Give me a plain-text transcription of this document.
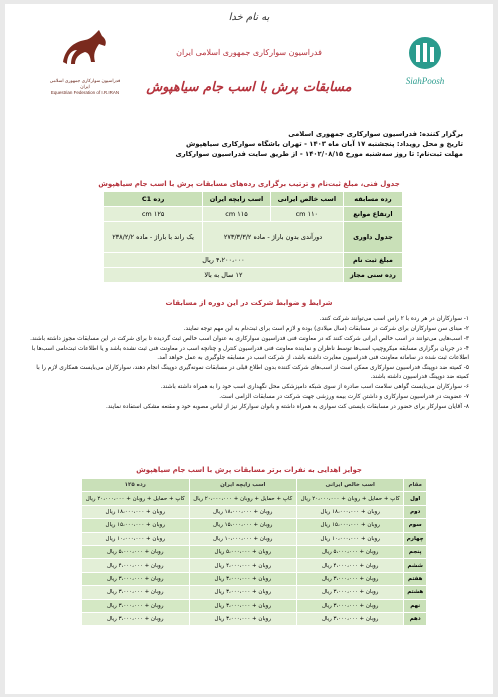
به نام خدا
فدراسیون سوارکاری جمهوری اسلامی ایران
Equestrian Federation of I.R.IRAN
SiahPoosh
فدراسیون سوارکاری جمهوری اسلامی ایران
مسابقات پرش با اسب جام سیاهپوش
برگزار کننده: فدراسیون سوارکاری جمهوری اسلامی
تاریخ و محل رویداد: پنجشنبه ۱۷ آبان ماه ۱۴۰۳ - تهران باشگاه سوارکاری سیاهپوش
مهلت ثبت‌نام: تا روز سه‌شنبه مورخ ۱۴۰۲/۰۸/۱۵ - از طریق سایت فدراسیون سوارکاری
جدول فنی، مبلغ ثبت‌نام و ترتیب برگزاری رده‌های مسابقات پرش با اسب جام سیاهپوش
رده مسابقه	اسب خالص ایرانی	اسب زایچه ایران	رده C1
ارتفاع موانع	۱۱۰ cm	۱۱۵ cm	۱۲۵ cm
جدول داوری	دورآندی بدون باراژ - ماده ۲۷۳/۳/۳/۲		یک راند با باراژ - ماده ۲۳۸/۲/۲
مبلغ ثبت نام	۴،۲۰۰،۰۰۰ ریال		
رده سنی مجاز	۱۲ سال به بالا		
شرایط و ضوابط شرکت در این دوره از مسابقات

۱- سوارکاران در هر رده با ۲ راس اسب می‌توانند شرکت کنند.

۲- مبنای سن سوارکاران برای شرکت در مسابقات (سال میلادی) بوده و لازم است برای ثبت‌نام به این مهم توجه نمایند.

۳- اسب‌هایی می‌توانند در اسب خالص ایرانی شرکت کنند که در معاونت فنی فدراسیون سوارکاری به عنوان اسب خالص ثبت گردیده تا برای شرکت در این مسابقات مجوز داشته باشند.

۴- در جریان برگزاری مسابقه میکروچیپ اسب‌ها توسط ناظران و نماینده معاونت فنی فدراسیون کنترل و چنانچه اسب در معاونت فنی ثبت نشده باشد و یا اطلاعات ثبت‌نامی اسب‌ها با اطلاعات ثبت شده در سامانه معاونت فنی فدراسیون مغایرت داشته باشد، از شرکت اسب در مسابقه جلوگیری به عمل خواهد آمد.

۵- کمیته ضد دوپینگ فدراسیون سوارکاری ممکن است از اسب‌های شرکت کننده بدون اطلاع قبلی در مسابقات نمونه‌گیری دوپینگ انجام دهند، سوارکاران می‌بایست همکاری لازم را با کمیته ضد دوپینگ فدراسیون داشته باشند.

۶- سوارکاران می‌بایست گواهی سلامت اسب صادره از سوی شبکه دامپزشکی محل نگهداری اسب خود را به همراه داشته باشند.

۷- عضویت در فدراسیون سوارکاری و داشتن کارت بیمه ورزشی جهت شرکت در مسابقات الزامی است.

۸- آقایان سوارکار برای حضور در مسابقات بایستی کت سواری به همراه داشته و بانوان سوارکار نیز از لباس مصوبه خود و مقنعه مشکی استفاده نمایند.

جوایز اهدایی به نفرات برتر مسابقات پرش با اسب جام سیاهپوش
مقام	اسب خالص ایرانی	اسب زایچه ایران	رده ۱۲۵
اول	کاپ + حمایل + روبان + ۲۰،۰۰۰،۰۰۰ ریال	کاپ + حمایل + روبان + ۲۰،۰۰۰،۰۰۰ ریال	کاپ + حمایل + روبان + ۲۰،۰۰۰،۰۰۰ ریال
دوم	روبان + ۱۸،۰۰۰،۰۰۰ ریال	روبان + ۱۸،۰۰۰،۰۰۰ ریال	روبان + ۱۸،۰۰۰،۰۰۰ ریال
سوم	روبان + ۱۵،۰۰۰،۰۰۰ ریال	روبان + ۱۵،۰۰۰،۰۰۰ ریال	روبان + ۱۵،۰۰۰،۰۰۰ ریال
چهارم	روبان + ۱۰،۰۰۰،۰۰۰ ریال	روبان + ۱۰،۰۰۰،۰۰۰ ریال	روبان + ۱۰،۰۰۰،۰۰۰ ریال
پنجم	روبان + ۵،۰۰۰،۰۰۰ ریال	روبان + ۵،۰۰۰،۰۰۰ ریال	روبان + ۵،۰۰۰،۰۰۰ ریال
ششم	روبان + ۴،۰۰۰،۰۰۰ ریال	روبان + ۴،۰۰۰،۰۰۰ ریال	روبان + ۴،۰۰۰،۰۰۰ ریال
هفتم	روبان + ۳،۰۰۰،۰۰۰ ریال	روبان + ۳،۰۰۰،۰۰۰ ریال	روبان + ۳،۰۰۰،۰۰۰ ریال
هشتم	روبان + ۳،۰۰۰،۰۰۰ ریال	روبان + ۳،۰۰۰،۰۰۰ ریال	روبان + ۳،۰۰۰،۰۰۰ ریال
نهم	روبان + ۳،۰۰۰،۰۰۰ ریال	روبان + ۳،۰۰۰،۰۰۰ ریال	روبان + ۳،۰۰۰،۰۰۰ ریال
دهم	روبان + ۳،۰۰۰،۰۰۰ ریال	روبان + ۳،۰۰۰،۰۰۰ ریال	روبان + ۳،۰۰۰،۰۰۰ ریال
